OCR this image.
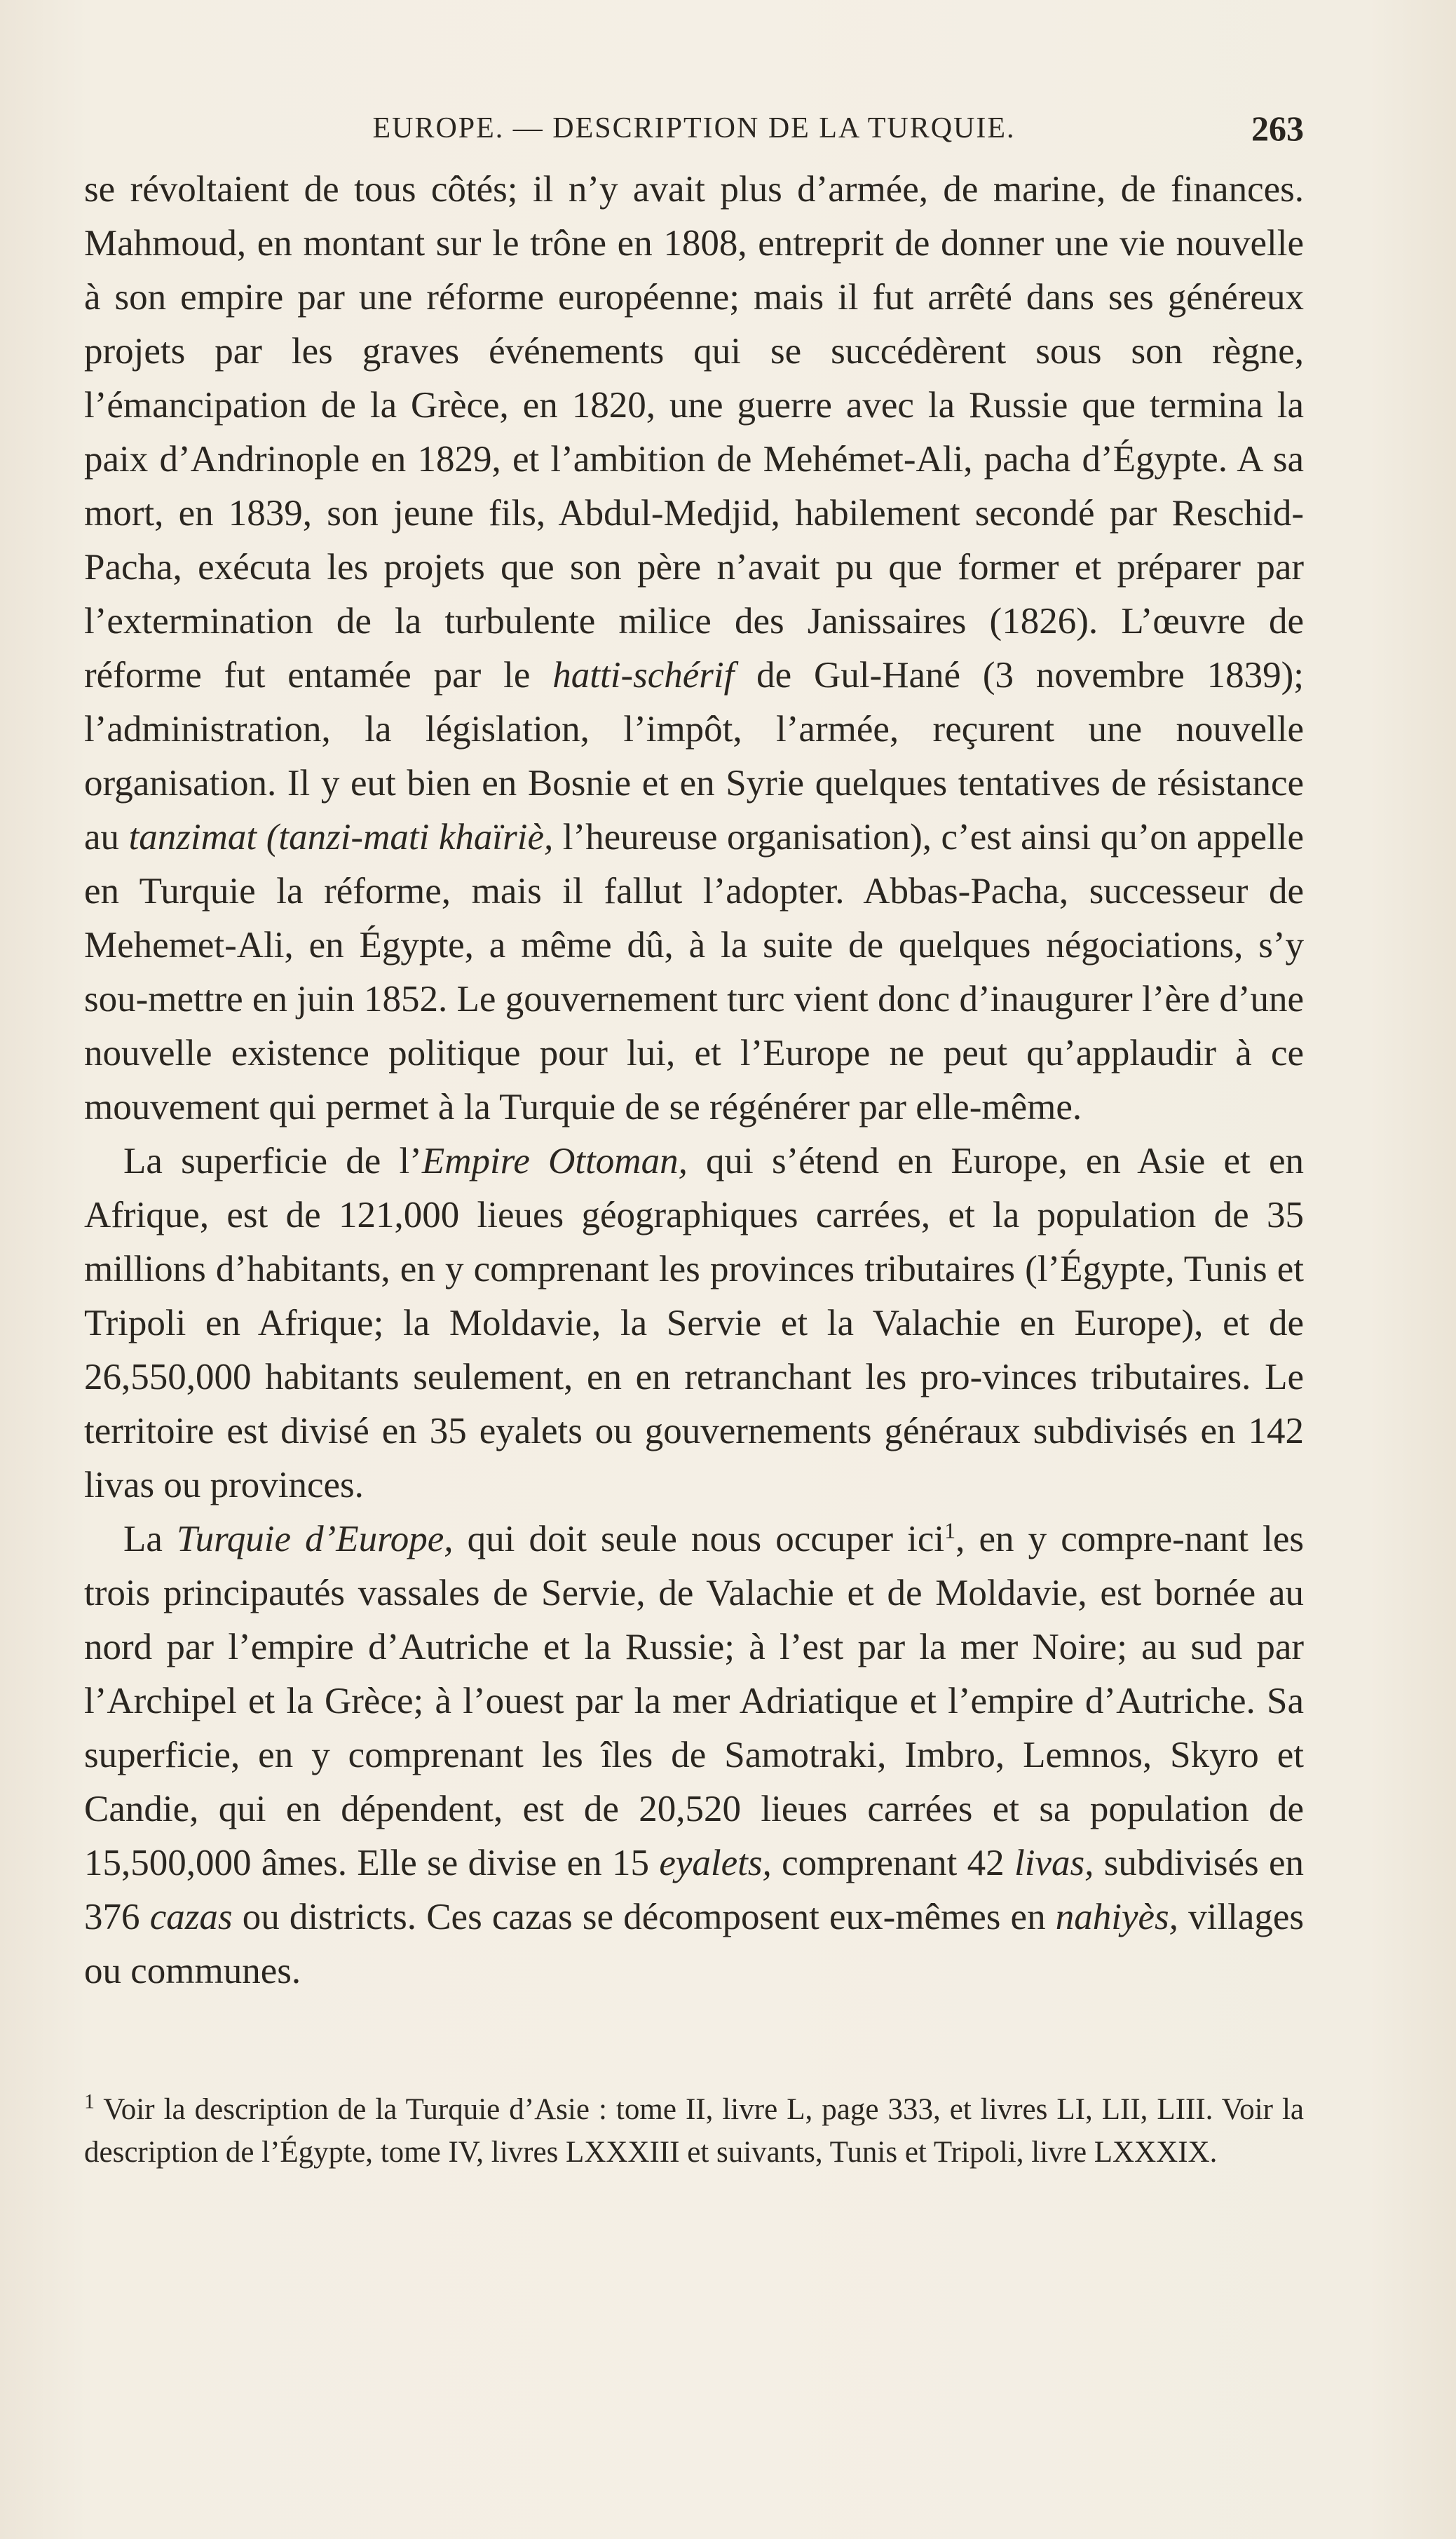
EUROPE. — DESCRIPTION DE LA TURQUIE.	263

se révoltaient de tous côtés; il n’y avait plus d’armée, de marine, de finances. Mahmoud, en montant sur le trône en 1808, entreprit de donner une vie nouvelle à son empire par une réforme européenne; mais il fut arrêté dans ses généreux projets par les graves événements qui se succédèrent sous son règne, l’émancipation de la Grèce, en 1820, une guerre avec la Russie que termina la paix d’Andrinople en 1829, et l’ambition de Mehémet-Ali, pacha d’Égypte. A sa mort, en 1839, son jeune fils, Abdul-Medjid, habilement secondé par Reschid-Pacha, exécuta les projets que son père n’avait pu que former et préparer par l’extermination de la turbulente milice des Janissaires (1826). L’œuvre de réforme fut entamée par le hatti-schérif de Gul-Hané (3 novembre 1839); l’administration, la législation, l’impôt, l’armée, reçurent une nouvelle organisation. Il y eut bien en Bosnie et en Syrie quelques tentatives de résistance au tanzimat (tanzi-mati khaïriè, l’heureuse organisation), c’est ainsi qu’on appelle en Turquie la réforme, mais il fallut l’adopter. Abbas-Pacha, successeur de Mehemet-Ali, en Égypte, a même dû, à la suite de quelques négociations, s’y sou-mettre en juin 1852. Le gouvernement turc vient donc d’inaugurer l’ère d’une nouvelle existence politique pour lui, et l’Europe ne peut qu’applaudir à ce mouvement qui permet à la Turquie de se régénérer par elle-même.

La superficie de l’Empire Ottoman, qui s’étend en Europe, en Asie et en Afrique, est de 121,000 lieues géographiques carrées, et la population de 35 millions d’habitants, en y comprenant les provinces tributaires (l’Égypte, Tunis et Tripoli en Afrique; la Moldavie, la Servie et la Valachie en Europe), et de 26,550,000 habitants seulement, en en retranchant les pro-vinces tributaires. Le territoire est divisé en 35 eyalets ou gouvernements généraux subdivisés en 142 livas ou provinces.

La Turquie d’Europe, qui doit seule nous occuper ici$^1$, en y compre-nant les trois principautés vassales de Servie, de Valachie et de Moldavie, est bornée au nord par l’empire d’Autriche et la Russie; à l’est par la mer Noire; au sud par l’Archipel et la Grèce; à l’ouest par la mer Adriatique et l’empire d’Autriche. Sa superficie, en y comprenant les îles de Samotraki, Imbro, Lemnos, Skyro et Candie, qui en dépendent, est de 20,520 lieues carrées et sa population de 15,500,000 âmes. Elle se divise en 15 eyalets, comprenant 42 livas, subdivisés en 376 cazas ou districts. Ces cazas se décomposent eux-mêmes en nahiyès, villages ou communes.

$^1$ Voir la description de la Turquie d’Asie : tome II, livre L, page 333, et livres LI, LII, LIII. Voir la description de l’Égypte, tome IV, livres LXXXIII et suivants, Tunis et Tripoli, livre LXXXIX.
